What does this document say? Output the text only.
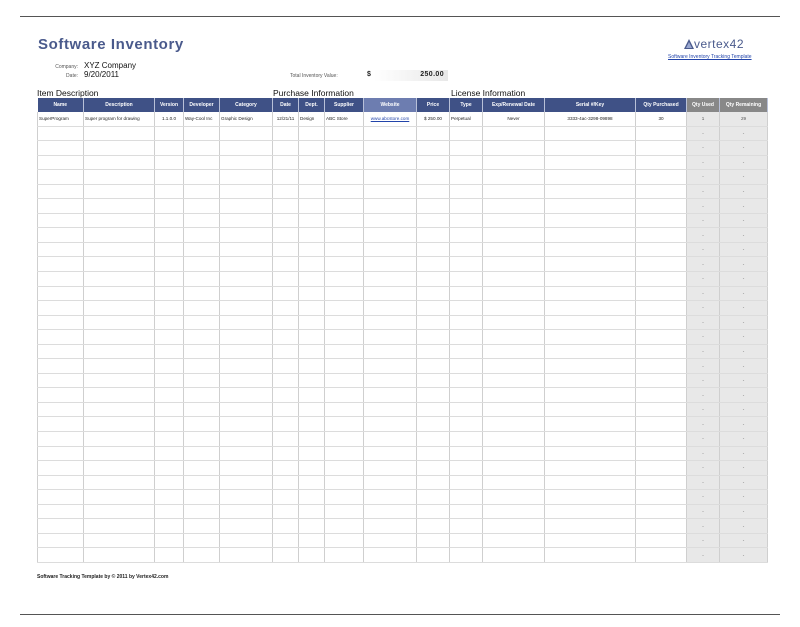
Software Inventory
Company: XYZ Company
Date: 9/20/2011	Total Inventory Value:	$	250.00
vertex42
Software Inventory Tracking Template
Item Description	Purchase Information	License Information
Name	Description	Version	Developer	Category	Date	Dept.	Supplier	Website	Price	Type	Exp/Renewal Date	Serial #/Key	Qty Purchased	Qty Used	Qty Remaining
SuperProgram	Super program for drawing	1.1.0.0	Way-Cool Inc	Graphic Design	12/21/11	Design	ABC Store	www.abcstore.com	$ 250.00	Perpetual	Never	3333-4ac-3298-09898	30	1	29
														-	-
														-	-
														-	-
														-	-
														-	-
														-	-
														-	-
														-	-
														-	-
														-	-
														-	-
														-	-
														-	-
														-	-
														-	-
														-	-
														-	-
														-	-
														-	-
														-	-
														-	-
														-	-
														-	-
														-	-
														-	-
														-	-
														-	-
														-	-
														-	-
														-	-
Software Tracking Template by © 2011 by Vertex42.com
